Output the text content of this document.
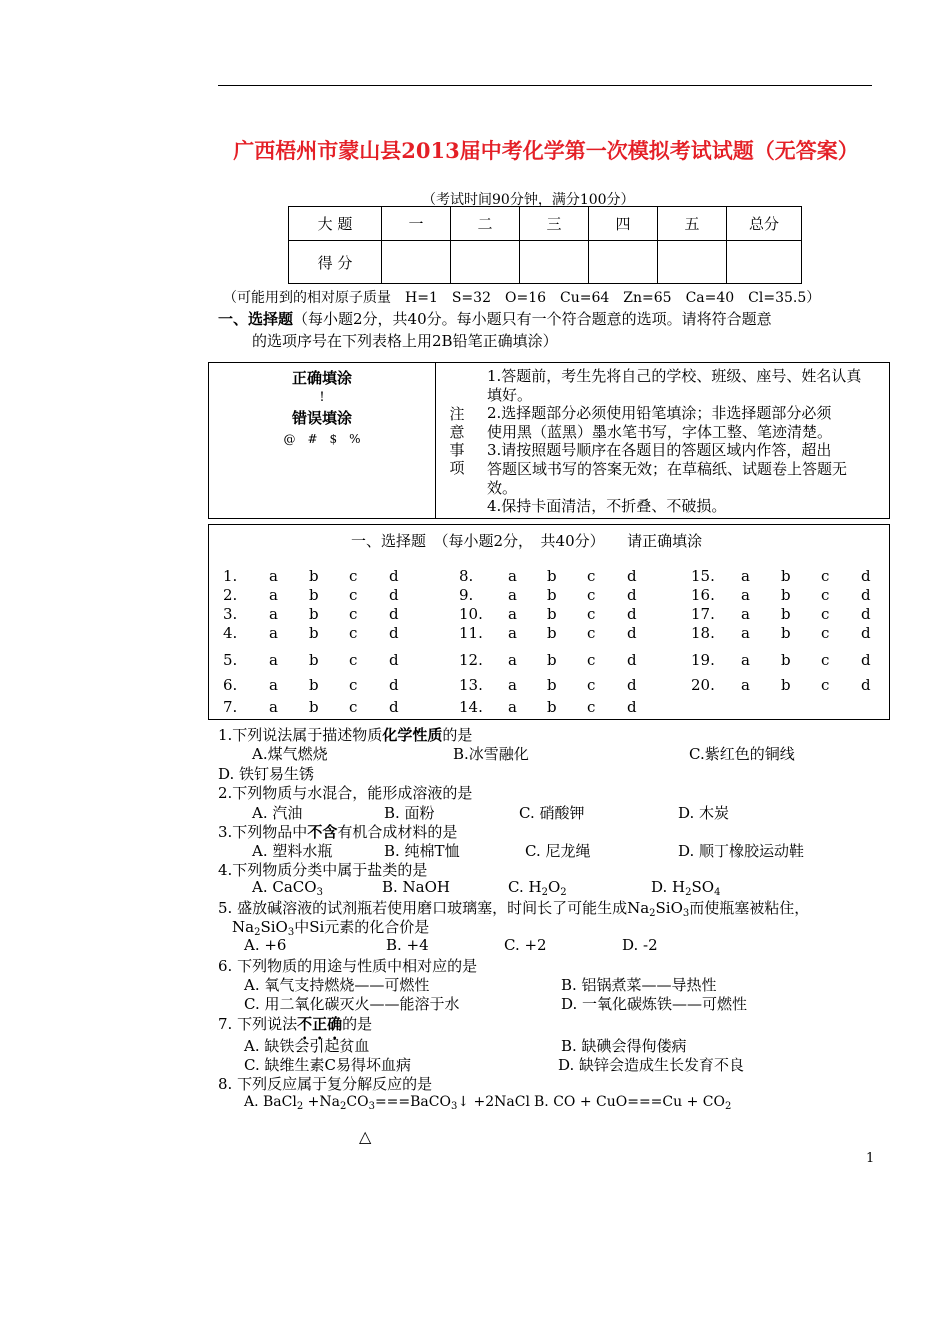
广西梧州市蒙山县2013届中考化学第一次模拟考试试题（无答案）
（考试时间90分钟，满分100分）
大 题	一	二	三	四	五	总分
得 分						
（可能用到的相对原子质量　H=1　S=32　O=16　Cu=64　Zn=65　Ca=40　Cl=35.5）
一、选择题（每小题2分，共40分。每小题只有一个符合题意的选项。请将符合题意
的选项序号在下列表格上用2B铅笔正确填涂）
正确填涂
!
错误填涂
@　#　$　%
注
意
事
项
1.答题前，考生先将自己的学校、班级、座号、姓名认真
填好。
2.选择题部分必须使用铅笔填涂；非选择题部分必须
使用黑（蓝黑）墨水笔书写，字体工整、笔迹清楚。
3.请按照题号顺序在各题目的答题区域内作答，超出
答题区域书写的答案无效；在草稿纸、试题卷上答题无
效。
4.保持卡面清洁，不折叠、不破损。
一、选择题　（每小题2分，　共40分）　　请正确填涂
1. a b c d
2. a b c d
3. a b c d
4. a b c d
5. a b c d
6. a b c d
7. a b c d
8. a b c d
9. a b c d
10. a b c d
11. a b c d
12. a b c d
13. a b c d
14. a b c d
15. a b c d
16. a b c d
17. a b c d
18. a b c d
19. a b c d
20. a b c d
1.下列说法属于描述物质化学性质的是
A.煤气燃烧	B.冰雪融化	C.紫红色的铜线
D. 铁钉易生锈
2.下列物质与水混合，能形成溶液的是
A. 汽油	B. 面粉	C. 硝酸钾	D. 木炭
3.下列物品中不含有机合成材料的是
A. 塑料水瓶	B. 纯棉T恤	C. 尼龙绳	D. 顺丁橡胶运动鞋
4.下列物质分类中属于盐类的是
A. CaCO$_3$	B. NaOH	C. $H_2O_2$	D. $H_2SO_4$
5. 盛放碱溶液的试剂瓶若使用磨口玻璃塞，时间长了可能生成$Na_2SiO_3$而使瓶塞被粘住，
$Na_2SiO_3$中Si元素的化合价是
A. +6	B. +4	C. +2	D. -2
6. 下列物质的用途与性质中相对应的是
A. 氧气支持燃烧——可燃性	B. 铝锅煮菜——导热性
C. 用二氧化碳灭火——能溶于水	D. 一氧化碳炼铁——可燃性
7. 下列说法不正确的是
A. 缺铁会引起贫血	B. 缺碘会得佝偻病
C. 缺维生素C易得坏血病	D. 缺锌会造成生长发育不良
8. 下列反应属于复分解反应的是
A. BaCl$_2$ $+Na_2CO_3===BaCO_3↓$ +2NaCl B. CO + $CuO===Cu + CO_2$
△
1
